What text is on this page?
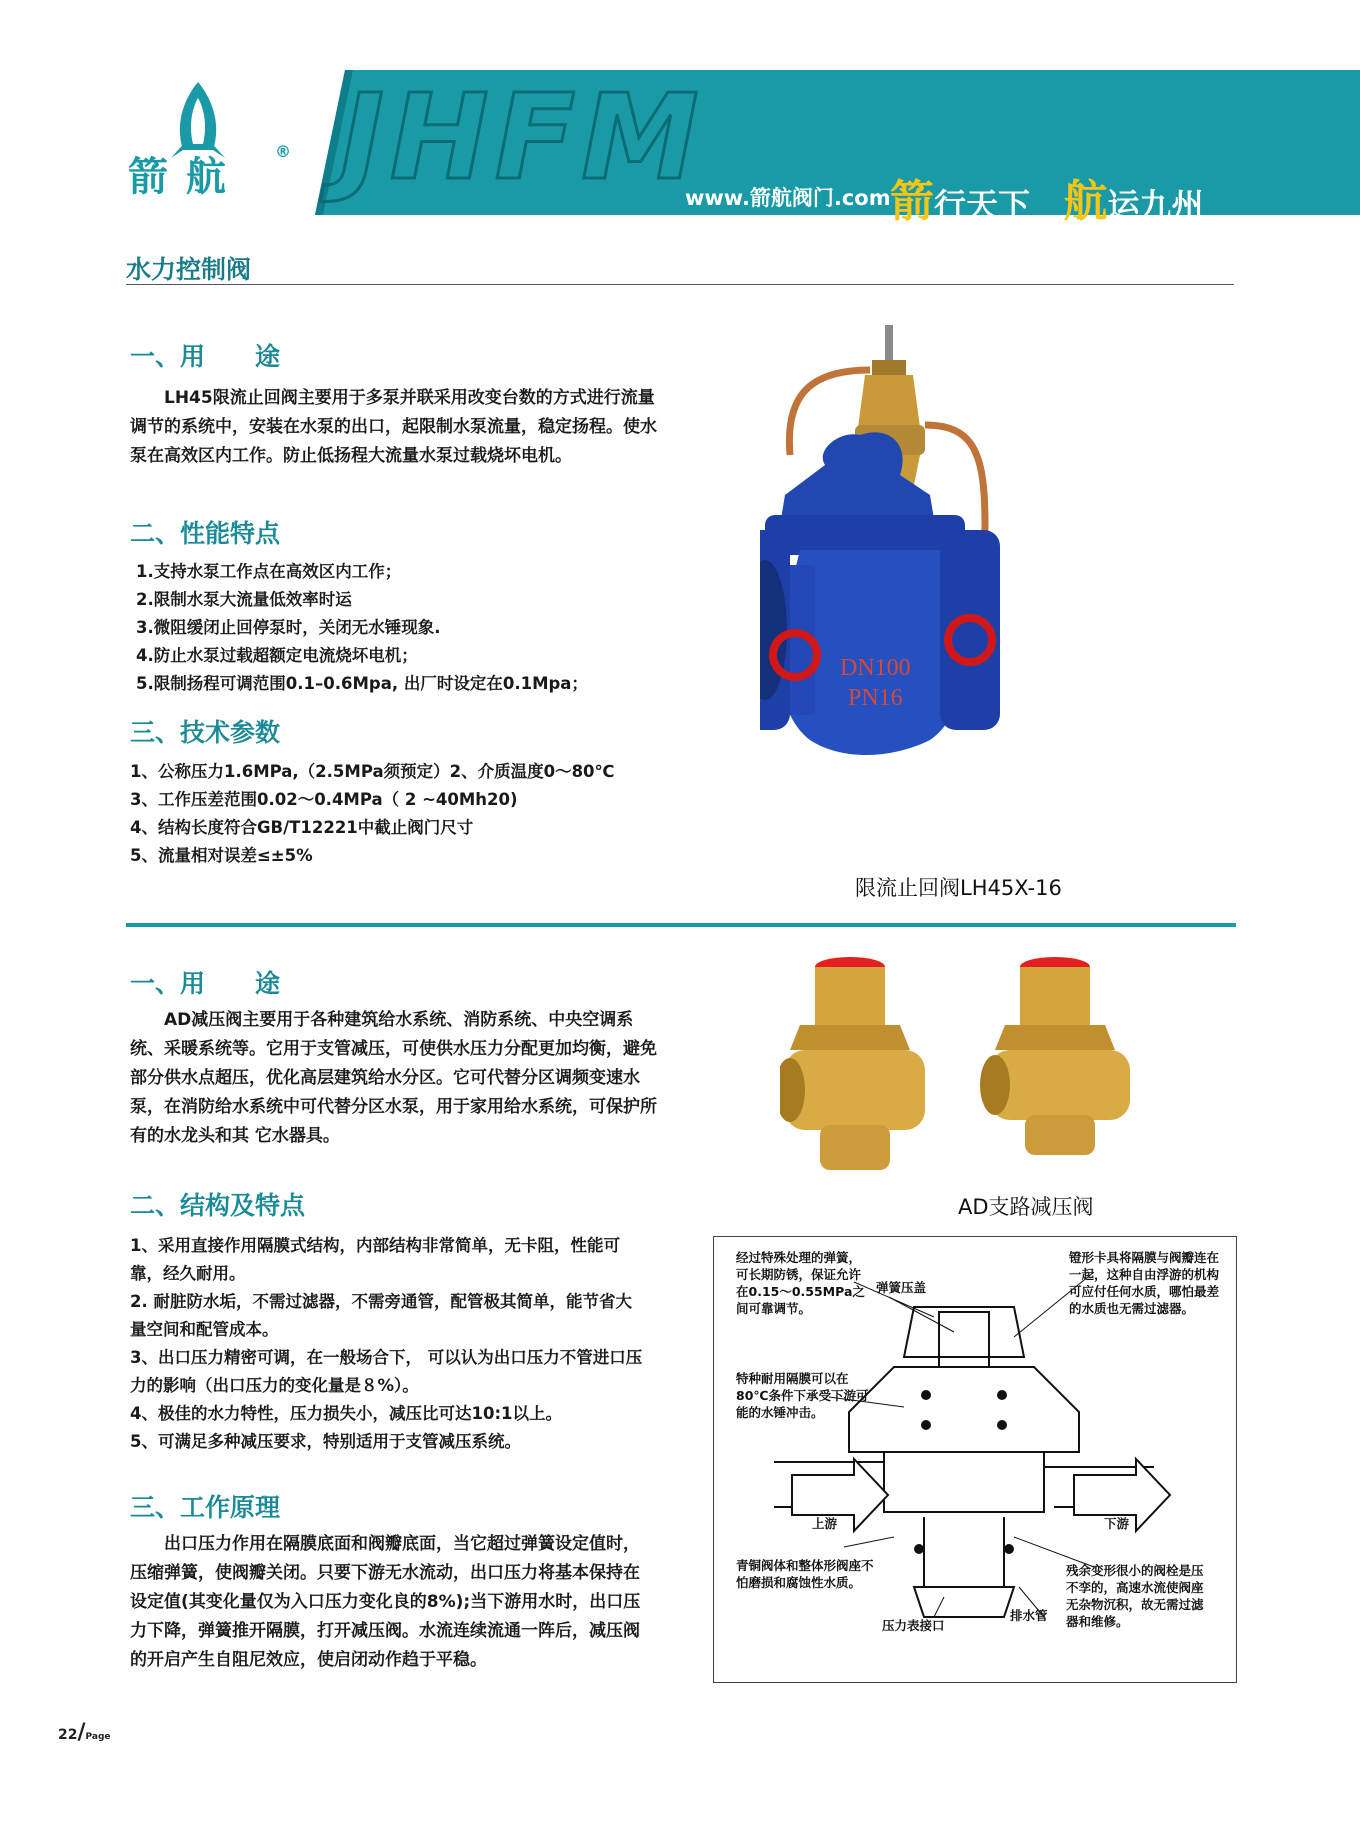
箭 航
® JHFM
www.箭航阀门.com 箭行天下 航运九州
水力控制阀
一、用　　途
LH45限流止回阀主要用于多泵并联采用改变台数的方式进行流量调节的系统中，安装在水泵的出口，起限制水泵流量，稳定扬程。使水泵在高效区内工作。防止低扬程大流量水泵过载烧坏电机。
二、性能特点
1.支持水泵工作点在高效区内工作；
2.限制水泵大流量低效率时运
3.微阻缓闭止回停泵时，关闭无水锤现象.
4.防止水泵过载超额定电流烧坏电机；
5.限制扬程可调范围0.1–0.6Mpa, 出厂时设定在0.1Mpa；
三、技术参数
1、公称压力1.6MPa,（2.5MPa须预定）2、介质温度0～80℃
3、工作压差范围0.02～0.4MPa（ 2 ~40Mh20)
4、结构长度符合GB/T12221中截止阀门尺寸
5、流量相对误差≤±5%
DN100
PN16
限流止回阀LH45X-16
一、用　　途
AD减压阀主要用于各种建筑给水系统、消防系统、中央空调系统、采暖系统等。它用于支管减压，可使供水压力分配更加均衡，避免部分供水点超压，优化高层建筑给水分区。它可代替分区调频变速水泵，在消防给水系统中可代替分区水泵，用于家用给水系统，可保护所有的水龙头和其 它水器具。
AD支路减压阀
二、结构及特点
1、采用直接作用隔膜式结构，内部结构非常简单，无卡阻，性能可靠，经久耐用。
2. 耐脏防水垢，不需过滤器，不需旁通管，配管极其简单，能节省大量空间和配管成本。
3、出口压力精密可调，在一般场合下， 可以认为出口压力不管进口压力的影响（出口压力的变化量是８%）。
4、极佳的水力特性，压力损失小，减压比可达10:1以上。
5、可满足多种减压要求，特别适用于支管减压系统。
三、工作原理
出口压力作用在隔膜底面和阀瓣底面，当它超过弹簧设定值时，压缩弹簧，使阀瓣关闭。只要下游无水流动，出口压力将基本保持在设定值(其变化量仅为入口压力变化良的8%);当下游用水时，出口压力下降，弹簧推开隔膜，打开减压阀。水流连续流通一阵后，减压阀的开启产生自阻尼效应，使启闭动作趋于平稳。
经过特殊处理的弹簧，可长期防锈，保证允许在0.15～0.55MPa之间可靠调节。
弹簧压盖
镫形卡具将隔膜与阀瓣连在一起，这种自由浮游的机构可应付任何水质，哪怕最差的水质也无需过滤器。
特种耐用隔膜可以在80℃条件下承受下游可能的水锤冲击。
上游	下游
青铜阀体和整体形阀座不怕磨损和腐蚀性水质。
残余变形很小的阀栓是压不孪的，高速水流使阀座无杂物沉积，故无需过滤器和维修。
压力表接口
排水管
22/Page
